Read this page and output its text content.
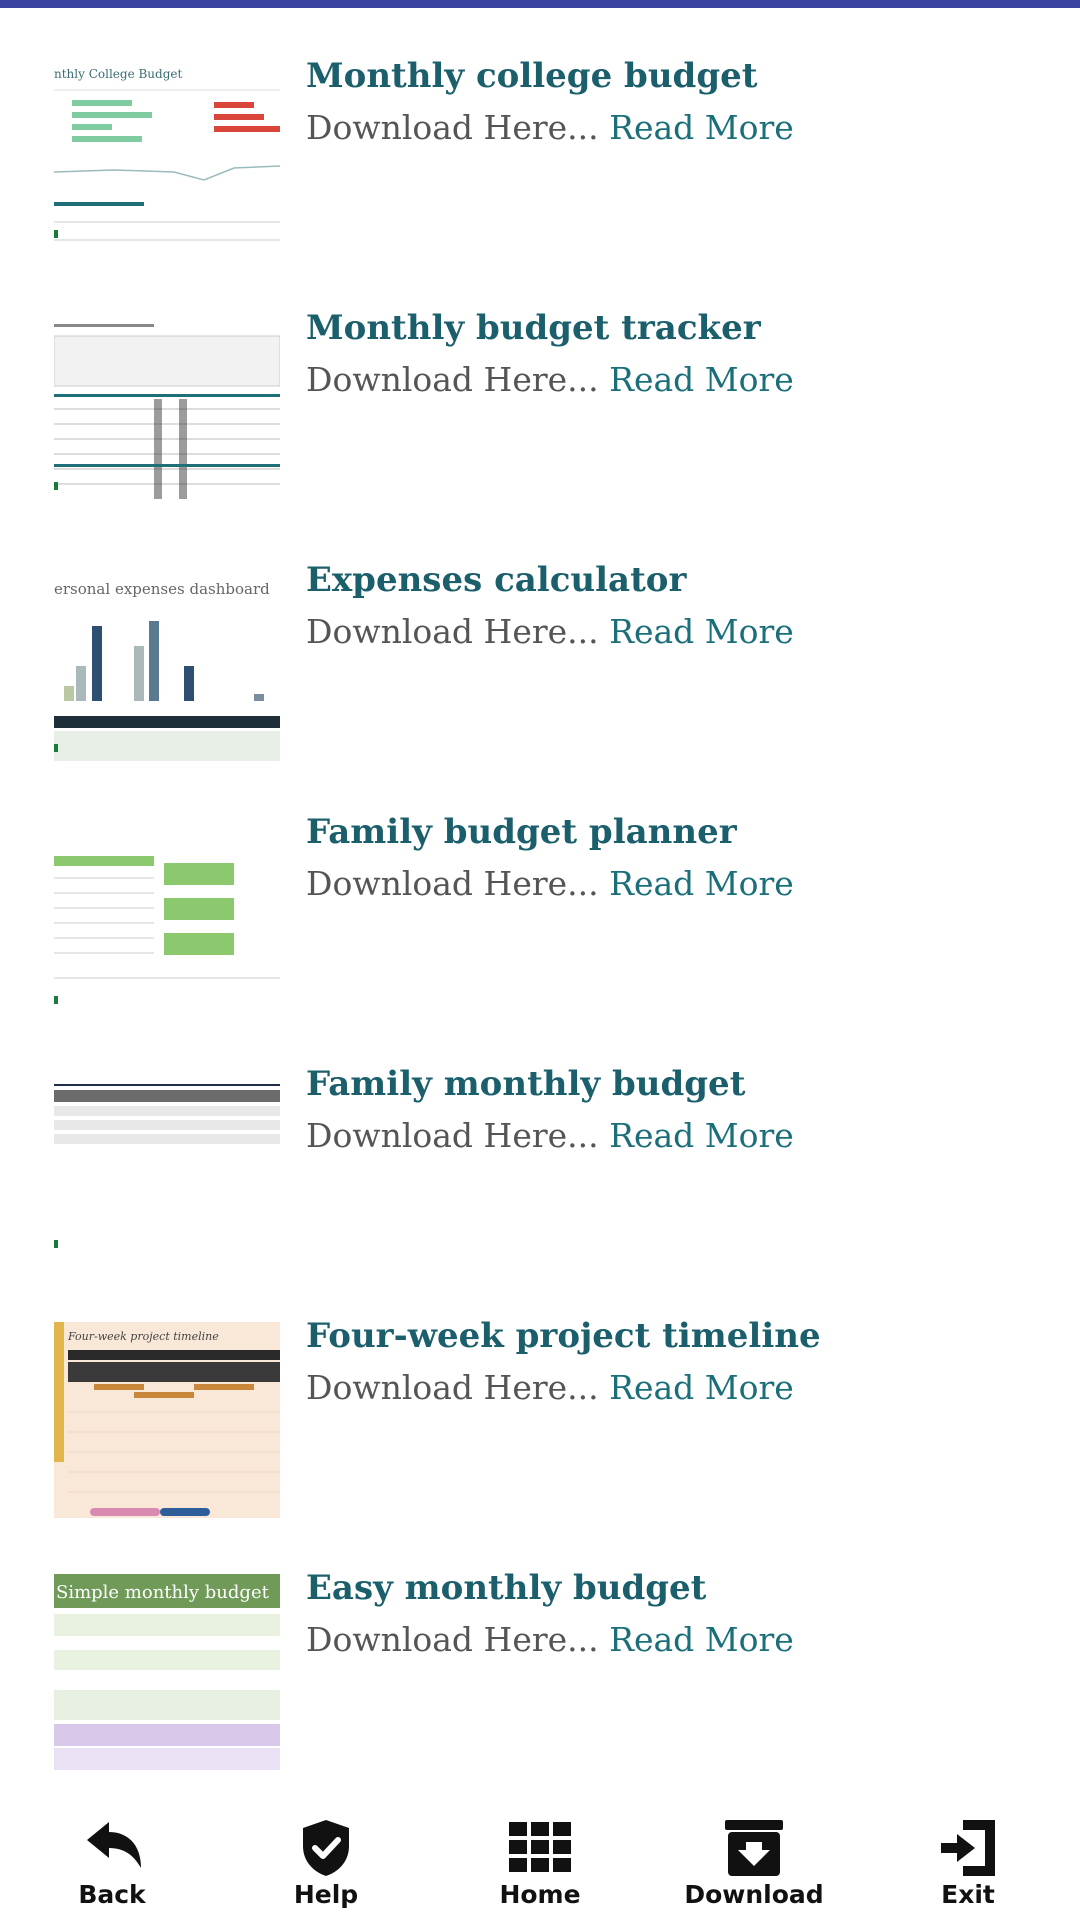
nthly College Budget	Monthly college budget
Download Here... Read More
Monthly budget tracker
Download Here... Read More
ersonal expenses dashboard Expenses calculator
Download Here... Read More
Family budget planner
Download Here... Read More
Family monthly budget
Download Here... Read More
Four-week project timeline	Four-week project timeline
Download Here... Read More
Simple monthly budget Easy monthly budget
Download Here... Read More
Back	Help	Home	Download	Exit
